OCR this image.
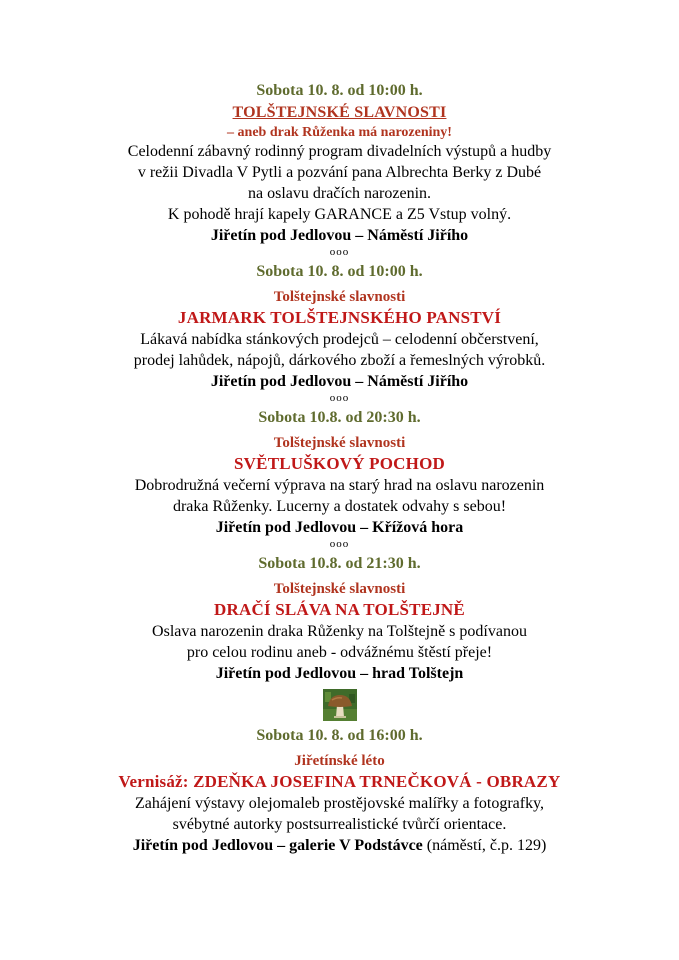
Sobota 10. 8. od 10:00 h.
TOLŠTEJNSKÉ SLAVNOSTI
– aneb drak Růženka má narozeniny!
Celodenní zábavný rodinný program divadelních výstupů a hudby
v režii Divadla V Pytli a pozvání pana Albrechta Berky z Dubé
na oslavu dračích narozenin.
K pohodě hrají kapely GARANCE a Z5 Vstup volný.
Jiřetín pod Jedlovou – Náměstí Jiřího
ooo
Sobota 10. 8. od 10:00 h.
Tolštejnské slavnosti
JARMARK TOLŠTEJNSKÉHO PANSTVÍ
Lákavá nabídka stánkových prodejců – celodenní občerstvení,
prodej lahůdek, nápojů, dárkového zboží a řemeslných výrobků.
Jiřetín pod Jedlovou – Náměstí Jiřího
ooo
Sobota 10.8. od 20:30 h.
Tolštejnské slavnosti
SVĚTLUŠKOVÝ POCHOD
Dobrodružná večerní výprava na starý hrad na oslavu narozenin
draka Růženky. Lucerny a dostatek odvahy s sebou!
Jiřetín pod Jedlovou – Křížová hora
ooo
Sobota 10.8. od 21:30 h.
Tolštejnské slavnosti
DRAČÍ SLÁVA NA TOLŠTEJNĚ
Oslava narozenin draka Růženky na Tolštejně s podívanou
pro celou rodinu aneb - odvážnému štěstí přeje!
Jiřetín pod Jedlovou – hrad Tolštejn
Sobota 10. 8. od 16:00 h.
Jiřetínské léto
Vernisáž: ZDEŇKA JOSEFINA TRNEČKOVÁ - OBRAZY
Zahájení výstavy olejomaleb prostějovské malířky a fotografky,
svébytné autorky postsurrealistické tvůrčí orientace.
Jiřetín pod Jedlovou – galerie V Podstávce (náměstí, č.p. 129)
